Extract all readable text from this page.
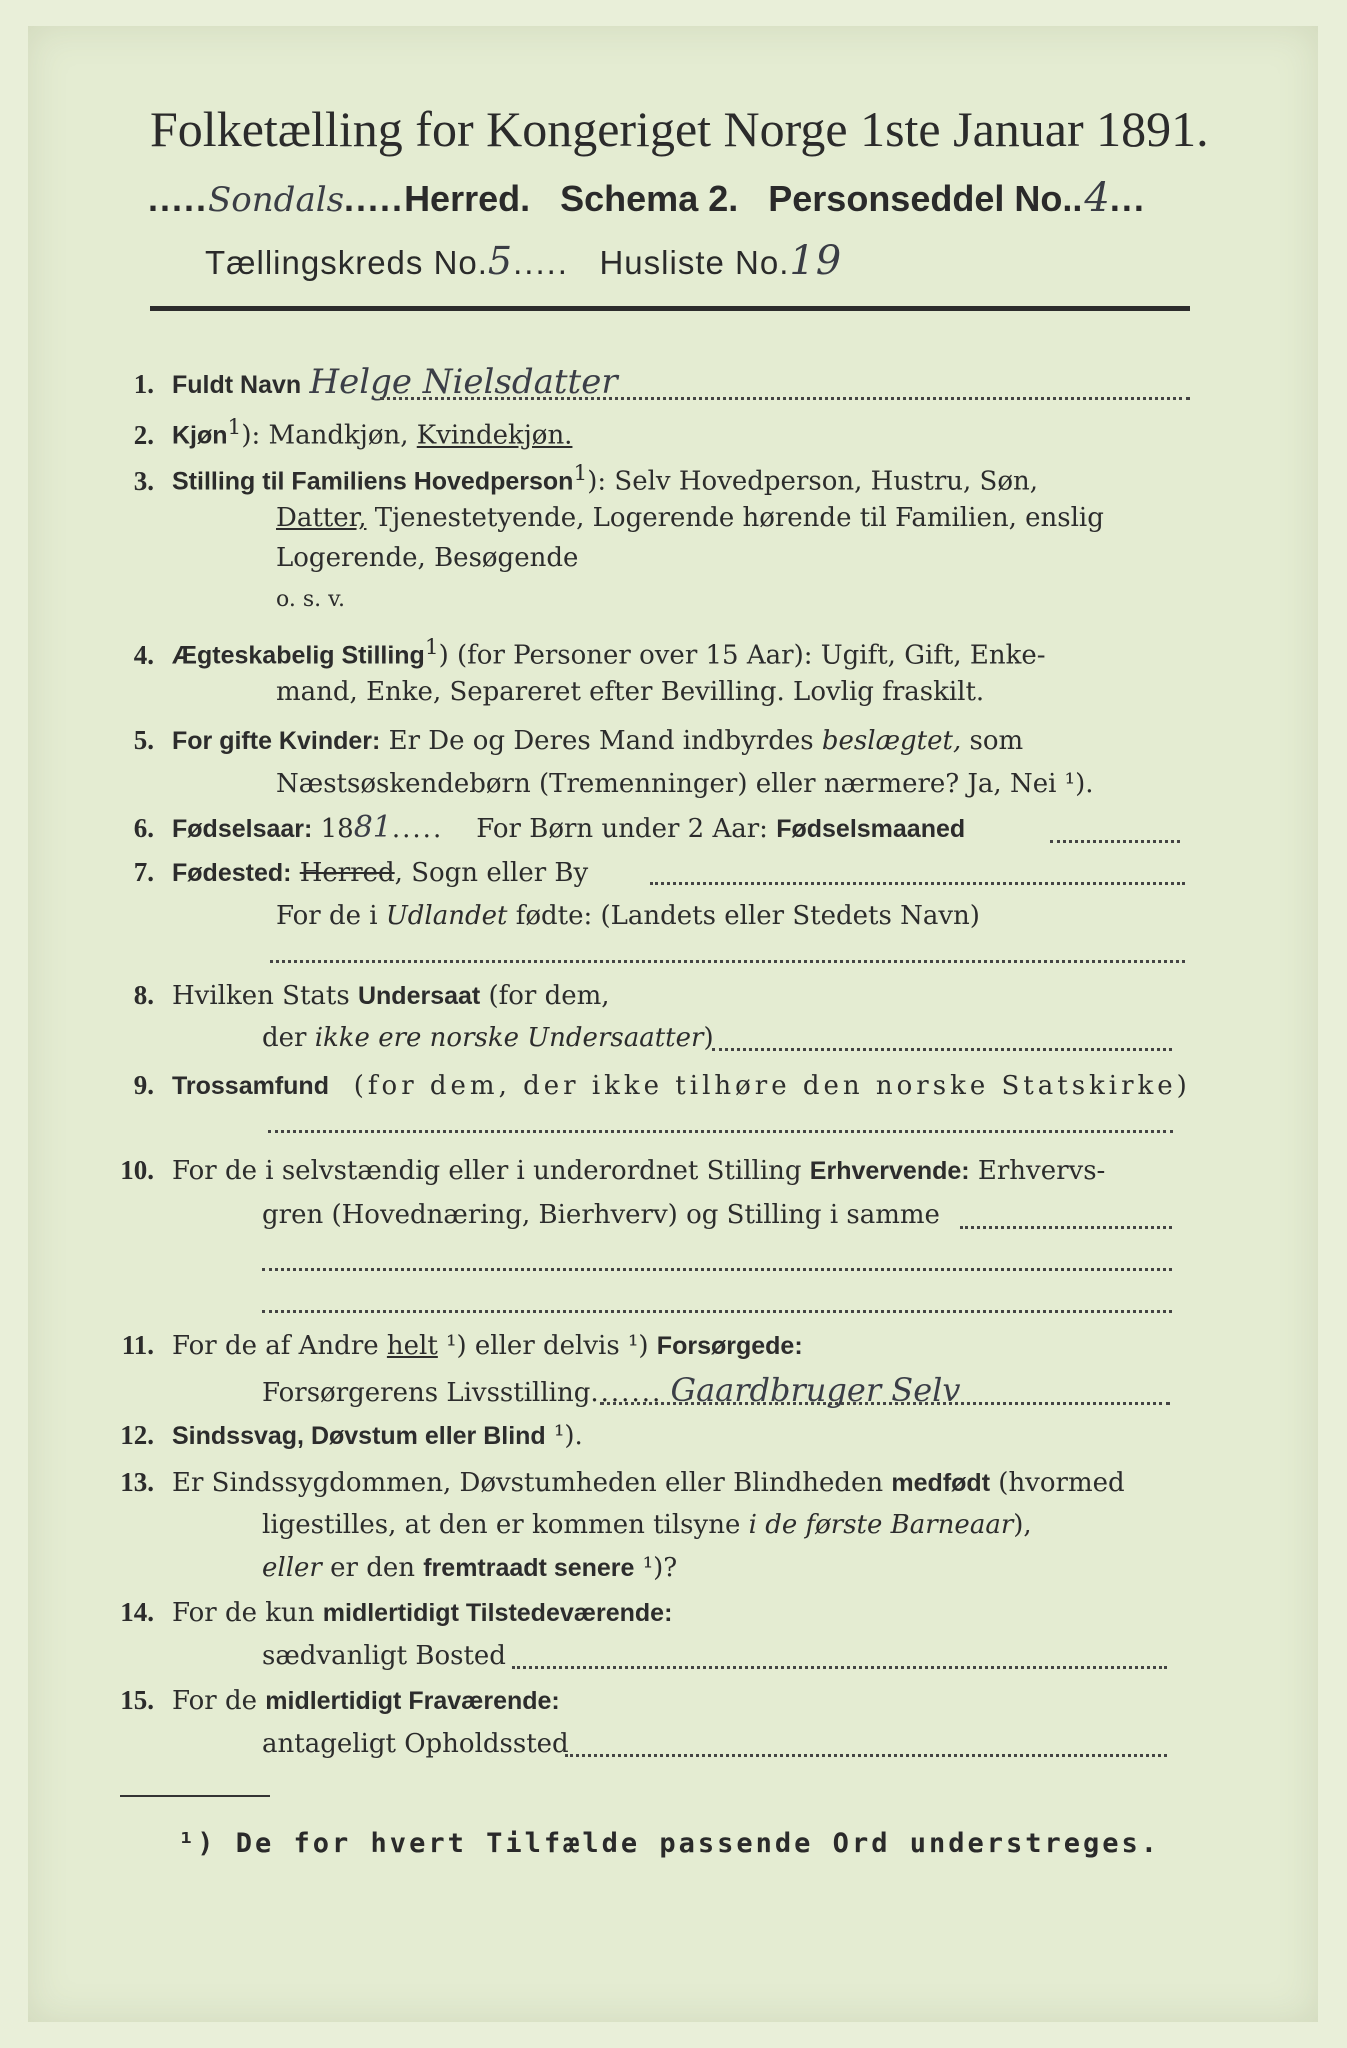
Folketælling for Kongeriget Norge 1ste Januar 1891.
.....Sondals.....Herred. Schema 2. Personseddel No..4...
Tællingskreds No.5..... Husliste No.19
1. Fuldt Navn Helge Nielsdatter
2. Kjøn$^1$): Mandkjøn, Kvindekjøn.
3. Stilling til Familiens Hovedperson$^1$): Selv Hovedperson, Hustru, Søn,
Datter, Tjenestetyende, Logerende hørende til Familien, enslig
Logerende, Besøgende
o. s. v.
4. Ægteskabelig Stilling$^1$) (for Personer over 15 Aar): Ugift, Gift, Enke-
mand, Enke, Separeret efter Bevilling. Lovlig fraskilt.
5. For gifte Kvinder: Er De og Deres Mand indbyrdes beslægtet, som
Næstsøskendebørn (Tremenninger) eller nærmere? Ja, Nei ¹).
6. Fødselsaar: 1881..... For Børn under 2 Aar: Fødselsmaaned
7. Fødested: Herred, Sogn eller By
For de i Udlandet fødte: (Landets eller Stedets Navn)
8. Hvilken Stats Undersaat (for dem,
der ikke ere norske Undersaatter)
9. Trossamfund (for dem, der ikke tilhøre den norske Statskirke)
10. For de i selvstændig eller i underordnet Stilling Erhvervende: Erhvervs-
gren (Hovednæring, Bierhverv) og Stilling i samme
11. For de af Andre helt ¹) eller delvis ¹) Forsørgede:
Forsørgerens Livsstilling....... Gaardbruger Selv
12. Sindssvag, Døvstum eller Blind ¹).
13. Er Sindssygdommen, Døvstumheden eller Blindheden medfødt (hvormed
ligestilles, at den er kommen tilsyne i de første Barneaar),
eller er den fremtraadt senere ¹)?
14. For de kun midlertidigt Tilstedeværende:
sædvanligt Bosted
15. For de midlertidigt Fraværende:
antageligt Opholdssted
¹) De for hvert Tilfælde passende Ord understreges.
